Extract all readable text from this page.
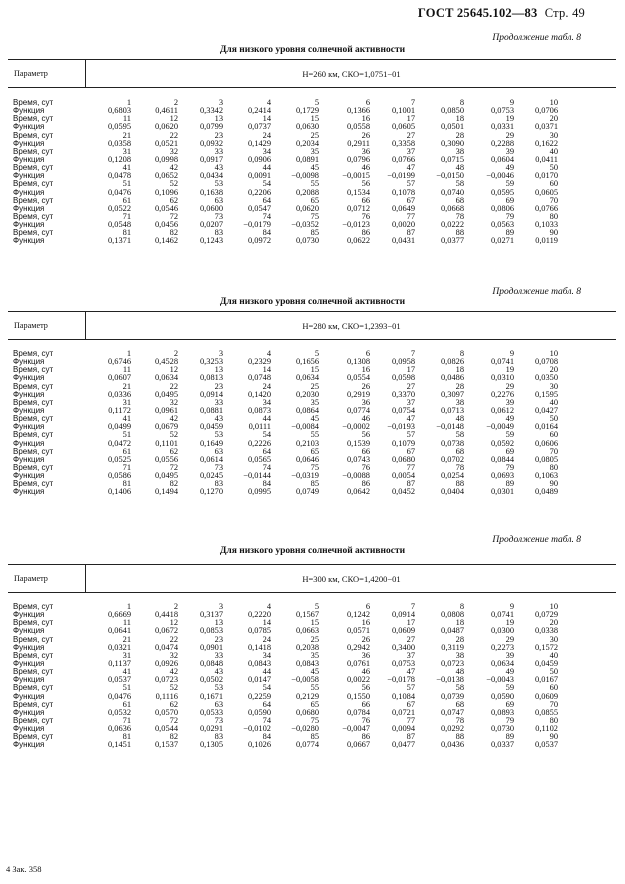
ГОСТ 25645.102—83 Стр. 49
Продолжение табл. 8
Для низкого уровня солнечной активности
Параметр	H=260 км, СКО=1,0751−01
Время, сут	1	2	3	4	5	6	7	8	9	10
Функция	0,6803	0,4611	0,3342	0,2414	0,1729	0,1366	0,1001	0,0850	0,0753	0,0706
Время, сут	11	12	13	14	15	16	17	18	19	20
Функция	0,0595	0,0620	0,0799	0,0737	0,0630	0,0558	0,0605	0,0501	0,0331	0,0371
Время, сут	21	22	23	24	25	26	27	28	29	30
Функция	0,0358	0,0521	0,0932	0,1429	0,2034	0,2911	0,3358	0,3090	0,2288	0,1622
Время, сут	31	32	33	34	35	36	37	38	39	40
Функция	0,1208	0,0998	0,0917	0,0906	0,0891	0,0796	0,0766	0,0715	0,0604	0,0411
Время, сут	41	42	43	44	45	46	47	48	49	50
Функция	0,0478	0,0652	0,0434	0,0091	−0,0098	−0,0015	−0,0199	−0,0150	−0,0046	0,0170
Время, сут	51	52	53	54	55	56	57	58	59	60
Функция	0,0476	0,1096	0,1638	0,2206	0,2088	0,1534	0,1078	0,0740	0,0595	0,0605
Время, сут	61	62	63	64	65	66	67	68	69	70
Функция	0,0522	0,0546	0,0600	0,0547	0,0620	0,0712	0,0649	0,0668	0,0806	0,0766
Время, сут	71	72	73	74	75	76	77	78	79	80
Функция	0,0548	0,0456	0,0207	−0,0179	−0,0352	−0,0123	0,0020	0,0222	0,0563	0,1033
Время, сут	81	82	83	84	85	86	87	88	89	90
Функция	0,1371	0,1462	0,1243	0,0972	0,0730	0,0622	0,0431	0,0377	0,0271	0,0119
Продолжение табл. 8
Для низкого уровня солнечной активности
Параметр	H=280 км, СКО=1,2393−01
Время, сут	1	2	3	4	5	6	7	8	9	10
Функция	0,6746	0,4528	0,3253	0,2329	0,1656	0,1308	0,0958	0,0826	0,0741	0,0708
Время, сут	11	12	13	14	15	16	17	18	19	20
Функция	0,0607	0,0634	0,0813	0,0748	0,0634	0,0554	0,0598	0,0486	0,0310	0,0350
Время, сут	21	22	23	24	25	26	27	28	29	30
Функция	0,0336	0,0495	0,0914	0,1420	0,2030	0,2919	0,3370	0,3097	0,2276	0,1595
Время, сут	31	32	33	34	35	36	37	38	39	40
Функция	0,1172	0,0961	0,0881	0,0873	0,0864	0,0774	0,0754	0,0713	0,0612	0,0427
Время, сут	41	42	43	44	45	46	47	48	49	50
Функция	0,0499	0,0679	0,0459	0,0111	−0,0084	−0,0002	−0,0193	−0,0148	−0,0049	0,0164
Время, сут	51	52	53	54	55	56	57	58	59	60
Функция	0,0472	0,1101	0,1649	0,2226	0,2103	0,1539	0,1079	0,0738	0,0592	0,0606
Время, сут	61	62	63	64	65	66	67	68	69	70
Функция	0,0525	0,0556	0,0614	0,0565	0,0646	0,0743	0,0680	0,0702	0,0844	0,0805
Время, сут	71	72	73	74	75	76	77	78	79	80
Функция	0,0586	0,0495	0,0245	−0,0144	−0,0319	−0,0088	0,0054	0,0254	0,0693	0,1063
Время, сут	81	82	83	84	85	86	87	88	89	90
Функция	0,1406	0,1494	0,1270	0,0995	0,0749	0,0642	0,0452	0,0404	0,0301	0,0489
Продолжение табл. 8
Для низкого уровня солнечной активности
Параметр	H=300 км, СКО=1,4200−01
Время, сут	1	2	3	4	5	6	7	8	9	10
Функция	0,6669	0,4418	0,3137	0,2220	0,1567	0,1242	0,0914	0,0808	0,0741	0,0729
Время, сут	11	12	13	14	15	16	17	18	19	20
Функция	0,0641	0,0672	0,0853	0,0785	0,0663	0,0571	0,0609	0,0487	0,0300	0,0338
Время, сут	21	22	23	24	25	26	27	28	29	30
Функция	0,0321	0,0474	0,0901	0,1418	0,2038	0,2942	0,3400	0,3119	0,2273	0,1572
Время, сут	31	32	33	34	35	36	37	38	39	40
Функция	0,1137	0,0926	0,0848	0,0843	0,0843	0,0761	0,0753	0,0723	0,0634	0,0459
Время, сут	41	42	43	44	45	46	47	48	49	50
Функция	0,0537	0,0723	0,0502	0,0147	−0,0058	0,0022	−0,0178	−0,0138	−0,0043	0,0167
Время, сут	51	52	53	54	55	56	57	58	59	60
Функция	0,0476	0,1116	0,1671	0,2259	0,2129	0,1550	0,1084	0,0739	0,0590	0,0609
Время, сут	61	62	63	64	65	66	67	68	69	70
Функция	0,0532	0,0570	0,0533	0,0590	0,0680	0,0784	0,0721	0,0747	0,0893	0,0855
Время, сут	71	72	73	74	75	76	77	78	79	80
Функция	0,0636	0,0544	0,0291	−0,0102	−0,0280	−0,0047	0,0094	0,0292	0,0730	0,1102
Время, сут	81	82	83	84	85	86	87	88	89	90
Функция	0,1451	0,1537	0,1305	0,1026	0,0774	0,0667	0,0477	0,0436	0,0337	0,0537
4 Зак. 358
